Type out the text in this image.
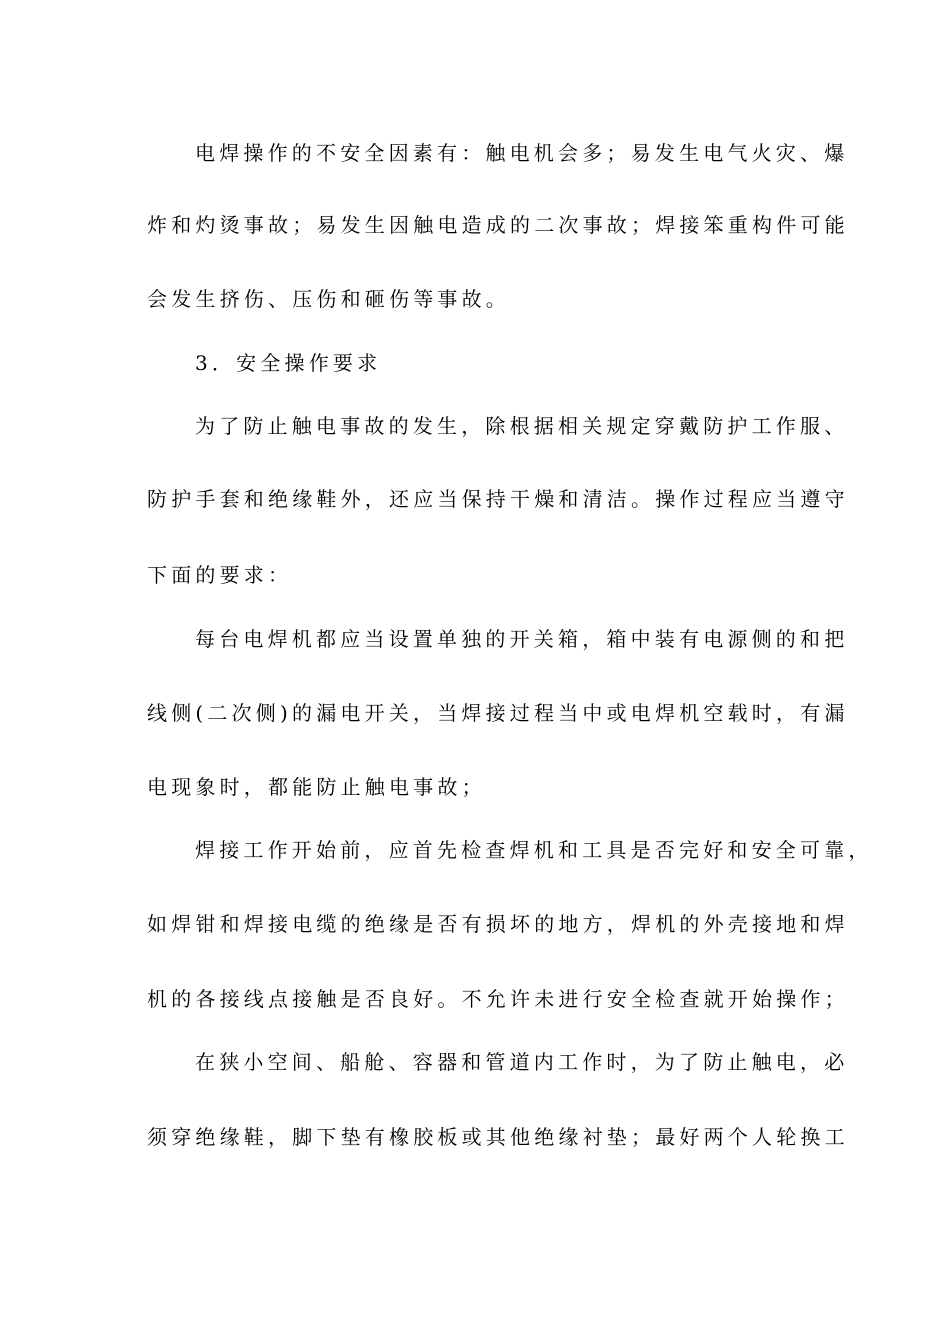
电焊操作的不安全因素有：触电机会多；易发生电气火灾、爆
炸和灼烫事故；易发生因触电造成的二次事故；焊接笨重构件可能
会发生挤伤、压伤和砸伤等事故。
3．安全操作要求
为了防止触电事故的发生，除根据相关规定穿戴防护工作服、
防护手套和绝缘鞋外，还应当保持干燥和清洁。操作过程应当遵守
下面的要求：
每台电焊机都应当设置单独的开关箱，箱中装有电源侧的和把
线侧(二次侧)的漏电开关，当焊接过程当中或电焊机空载时，有漏
电现象时，都能防止触电事故；
焊接工作开始前，应首先检查焊机和工具是否完好和安全可靠，
如焊钳和焊接电缆的绝缘是否有损坏的地方，焊机的外壳接地和焊
机的各接线点接触是否良好。不允许未进行安全检查就开始操作；
在狭小空间、船舱、容器和管道内工作时，为了防止触电，必
须穿绝缘鞋，脚下垫有橡胶板或其他绝缘衬垫；最好两个人轮换工
